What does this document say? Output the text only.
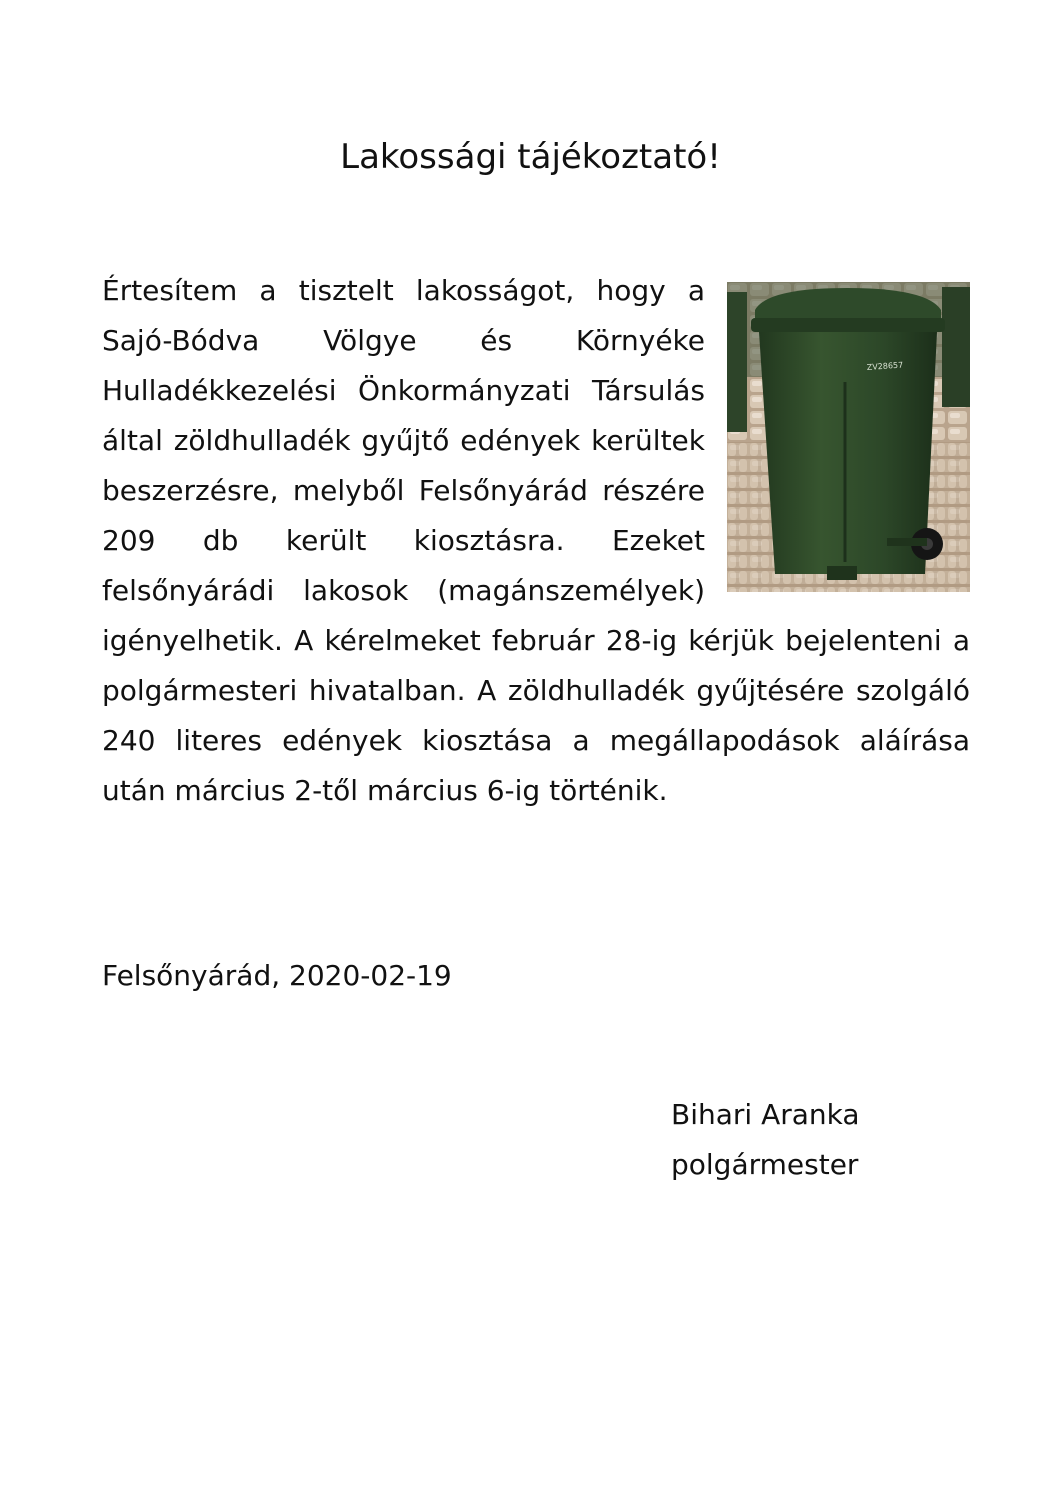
Lakossági tájékoztató!
ZV28657
Értesítem a tisztelt lakosságot, hogy a Sajó-Bódva Völgye és Környéke Hulladékkezelési Önkormányzati Társulás által zöldhulladék gyűjtő edények kerültek beszerzésre, melyből Felsőnyárád részére 209 db került kiosztásra. Ezeket felsőnyárádi lakosok (magánszemélyek) igényelhetik. A kérelmeket február 28-ig kérjük bejelenteni a polgármesteri hivatalban. A zöldhulladék gyűjtésére szolgáló 240 literes edények kiosztása a megállapodások aláírása után március 2-től március 6-ig történik.
Felsőnyárád, 2020-02-19
Bihari Aranka
polgármester
